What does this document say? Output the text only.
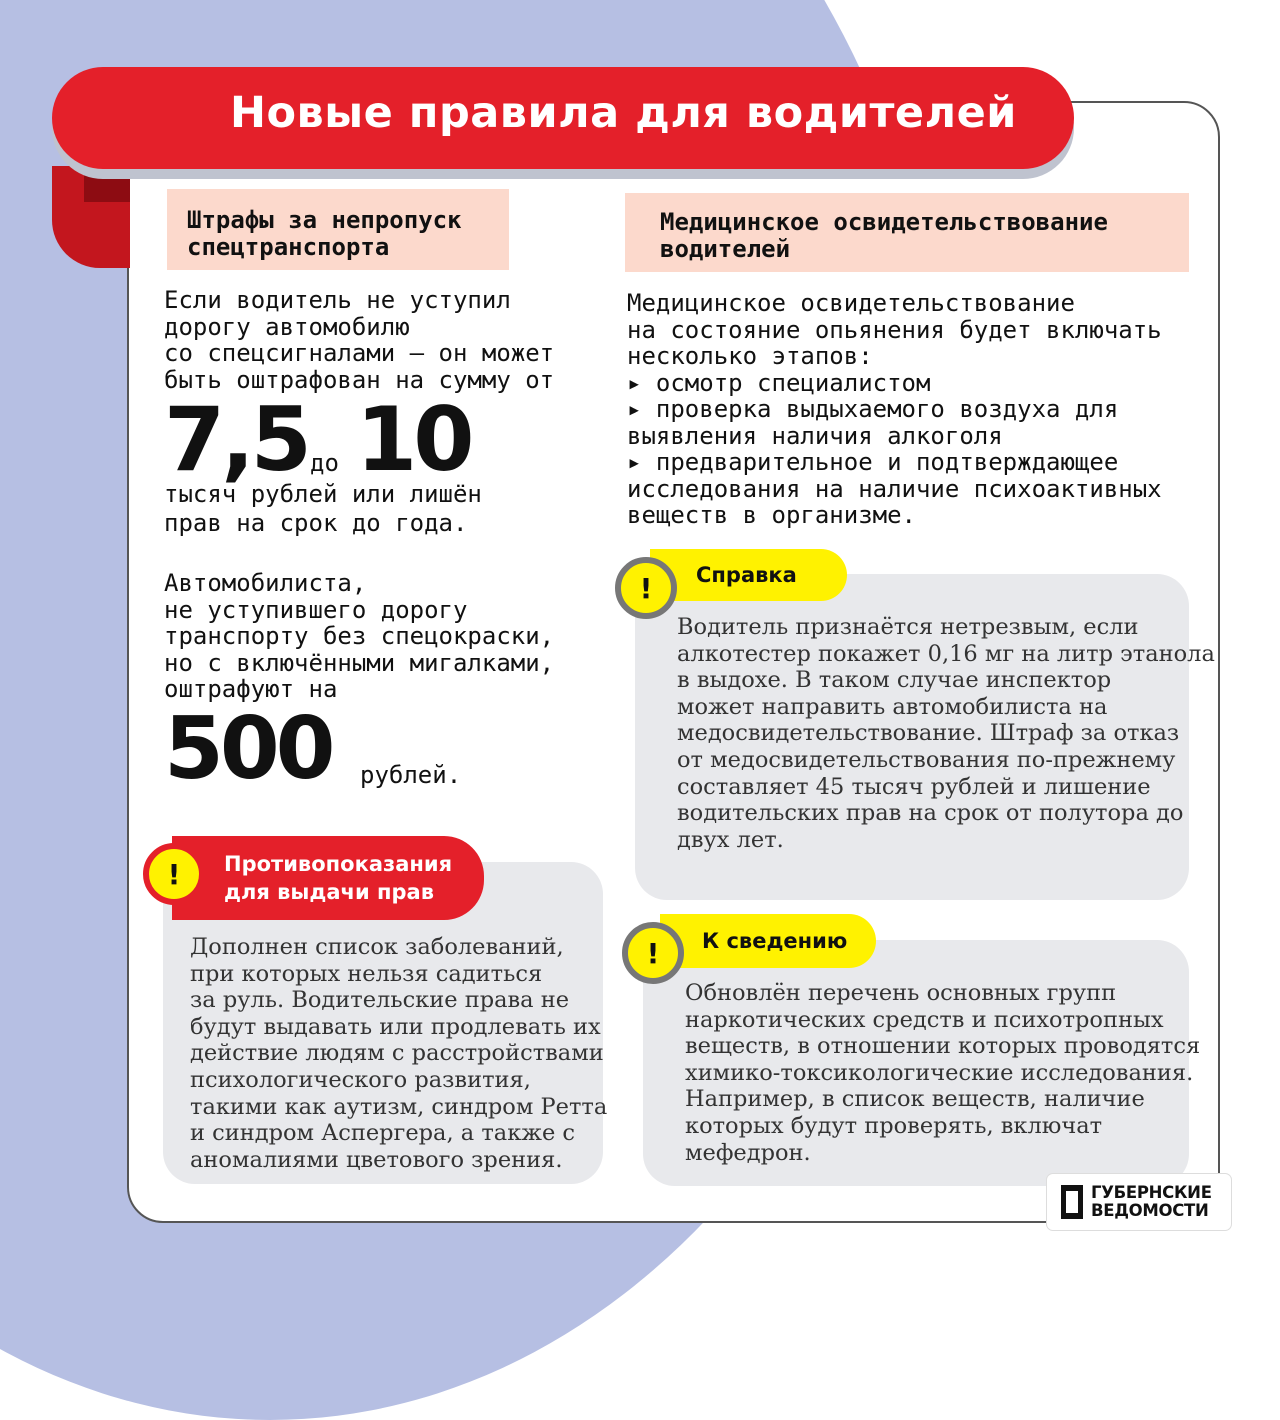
Новые правила для водителей
Штрафы за непропуск
спецтранспорта
Если водитель не уступил
дорогу автомобилю
со спецсигналами — он может
быть оштрафован на сумму от
7,5 до 10
тысяч рублей или лишён
прав на срок до года.
Автомобилиста,
не уступившего дорогу
транспорту без спецокраски,
но с включёнными мигалками,
оштрафуют на
500 рублей.
Противопоказания
для выдачи прав
!
Дополнен список заболеваний,
при которых нельзя садиться
за руль. Водительские права не
будут выдавать или продлевать их
действие людям с расстройствами
психологического развития,
такими как аутизм, синдром Ретта
и синдром Аспергера, а также с
аномалиями цветового зрения.
Медицинское освидетельствование
водителей
Медицинское освидетельствование
на состояние опьянения будет включать
несколько этапов:
▸ осмотр специалистом
▸ проверка выдыхаемого воздуха для
выявления наличия алкоголя
▸ предварительное и подтверждающее
исследования на наличие психоактивных
веществ в организме.
Справка
!
Водитель признаётся нетрезвым, если
алкотестер покажет 0,16 мг на литр этанола
в выдохе. В таком случае инспектор
может направить автомобилиста на
медосвидетельствование. Штраф за отказ
от медосвидетельствования по-прежнему
составляет 45 тысяч рублей и лишение
водительских прав на срок от полутора до
двух лет.
К сведению
!
Обновлён перечень основных групп
наркотических средств и психотропных
веществ, в отношении которых проводятся
химико-токсикологические исследования.
Например, в список веществ, наличие
которых будут проверять, включат
мефедрон.
ГУБЕРНСКИЕ
ВЕДОМОСТИ
